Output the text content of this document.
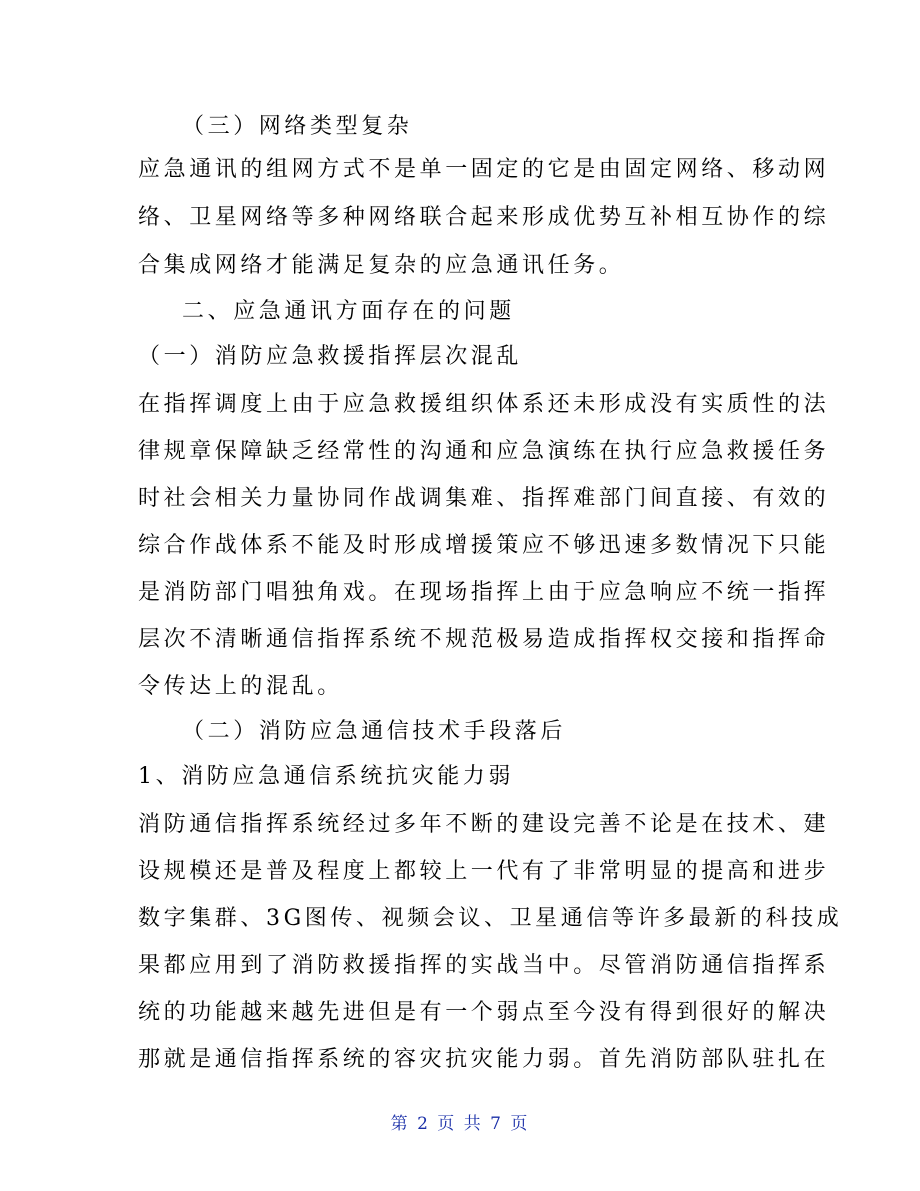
（三）网络类型复杂
应急通讯的组网方式不是单一固定的它是由固定网络、移动网
络、卫星网络等多种网络联合起来形成优势互补相互协作的综
合集成网络才能满足复杂的应急通讯任务。
二、应急通讯方面存在的问题
（一）消防应急救援指挥层次混乱
在指挥调度上由于应急救援组织体系还未形成没有实质性的法
律规章保障缺乏经常性的沟通和应急演练在执行应急救援任务
时社会相关力量协同作战调集难、指挥难部门间直接、有效的
综合作战体系不能及时形成增援策应不够迅速多数情况下只能
是消防部门唱独角戏。在现场指挥上由于应急响应不统一指挥
层次不清晰通信指挥系统不规范极易造成指挥权交接和指挥命
令传达上的混乱。
（二）消防应急通信技术手段落后
1、消防应急通信系统抗灾能力弱
消防通信指挥系统经过多年不断的建设完善不论是在技术、建
设规模还是普及程度上都较上一代有了非常明显的提高和进步
数字集群、3G图传、视频会议、卫星通信等许多最新的科技成
果都应用到了消防救援指挥的实战当中。尽管消防通信指挥系
统的功能越来越先进但是有一个弱点至今没有得到很好的解决
那就是通信指挥系统的容灾抗灾能力弱。首先消防部队驻扎在
第 2 页 共 7 页
